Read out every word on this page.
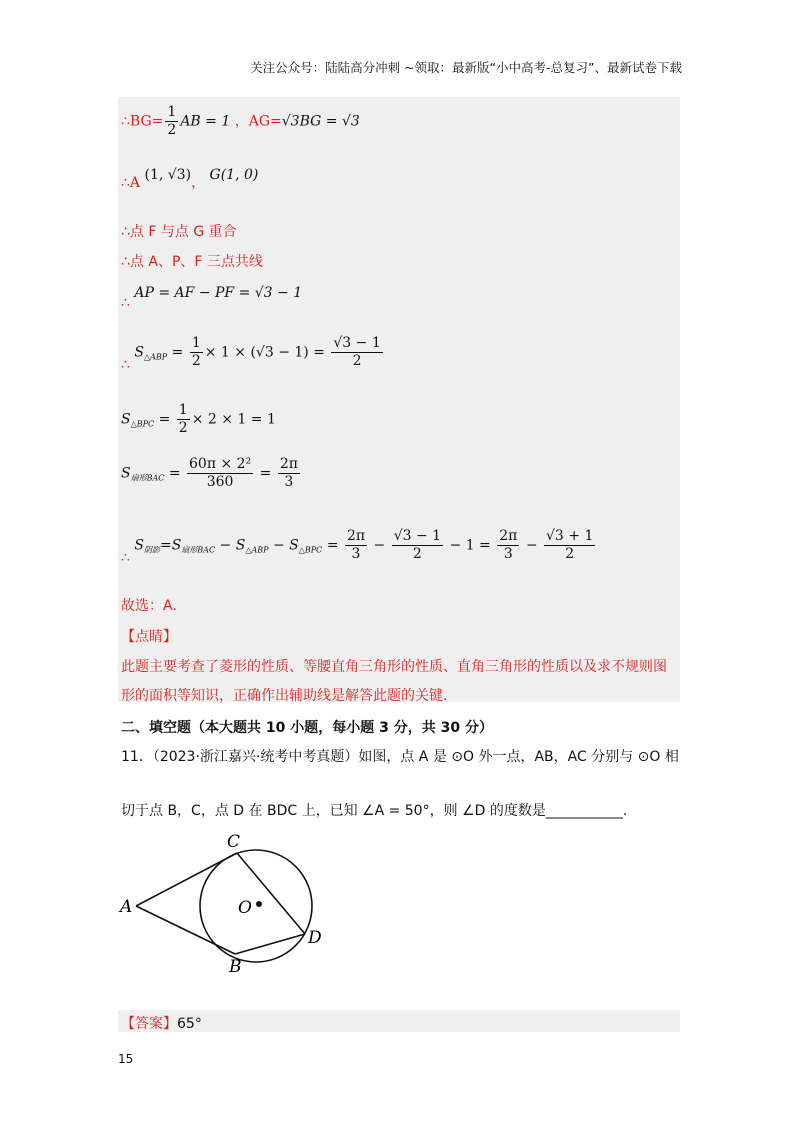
关注公众号：陆陆高分冲刺 ~领取：最新版“小中高考-总复习”、最新试卷下载
∴BG= $\frac{1}{2}$ AB = 1 ，AG=√3BG = √3
∴A (1, √3)， G(1, 0)
∴点 F 与点 G 重合
∴点 A、P、F 三点共线
∴ AP = AF − PF = √3 − 1
∴ $S_{\triangle ABP} = \frac{1}{2} \times 1 \times (√3 - 1) = \frac{√3 - 1}{2}$
$S_{\triangle BPC} = \frac{1}{2} \times 2 \times 1 = 1$
$S_{扇形BAC} = \frac{\text{60π × 2²}}{360} = \frac{2\pi}{3}$
∴ $S_{阴影}=S_{扇形BAC} - S_{\triangle ABP} - S_{\triangle BPC} = \frac{2\pi}{3} - \frac{√3 - 1}{2} - 1 = \frac{2\pi}{3} - \frac{√3 + 1}{2}$
故选：A.
【点睛】
此题主要考查了菱形的性质、等腰直角三角形的性质、直角三角形的性质以及求不规则图
形的面积等知识，正确作出辅助线是解答此题的关键.
二、填空题（本大题共 10 小题，每小题 3 分，共 30 分）
11．（2023·浙江嘉兴·统考中考真题）如图，点 A 是 ⊙O 外一点，AB，AC 分别与 ⊙O 相
切于点 B，C，点 D 在 BDC 上，已知 ∠A = 50°，则 ∠D 的度数是___________.
A
C
B
D
O
【答案】65°
15
